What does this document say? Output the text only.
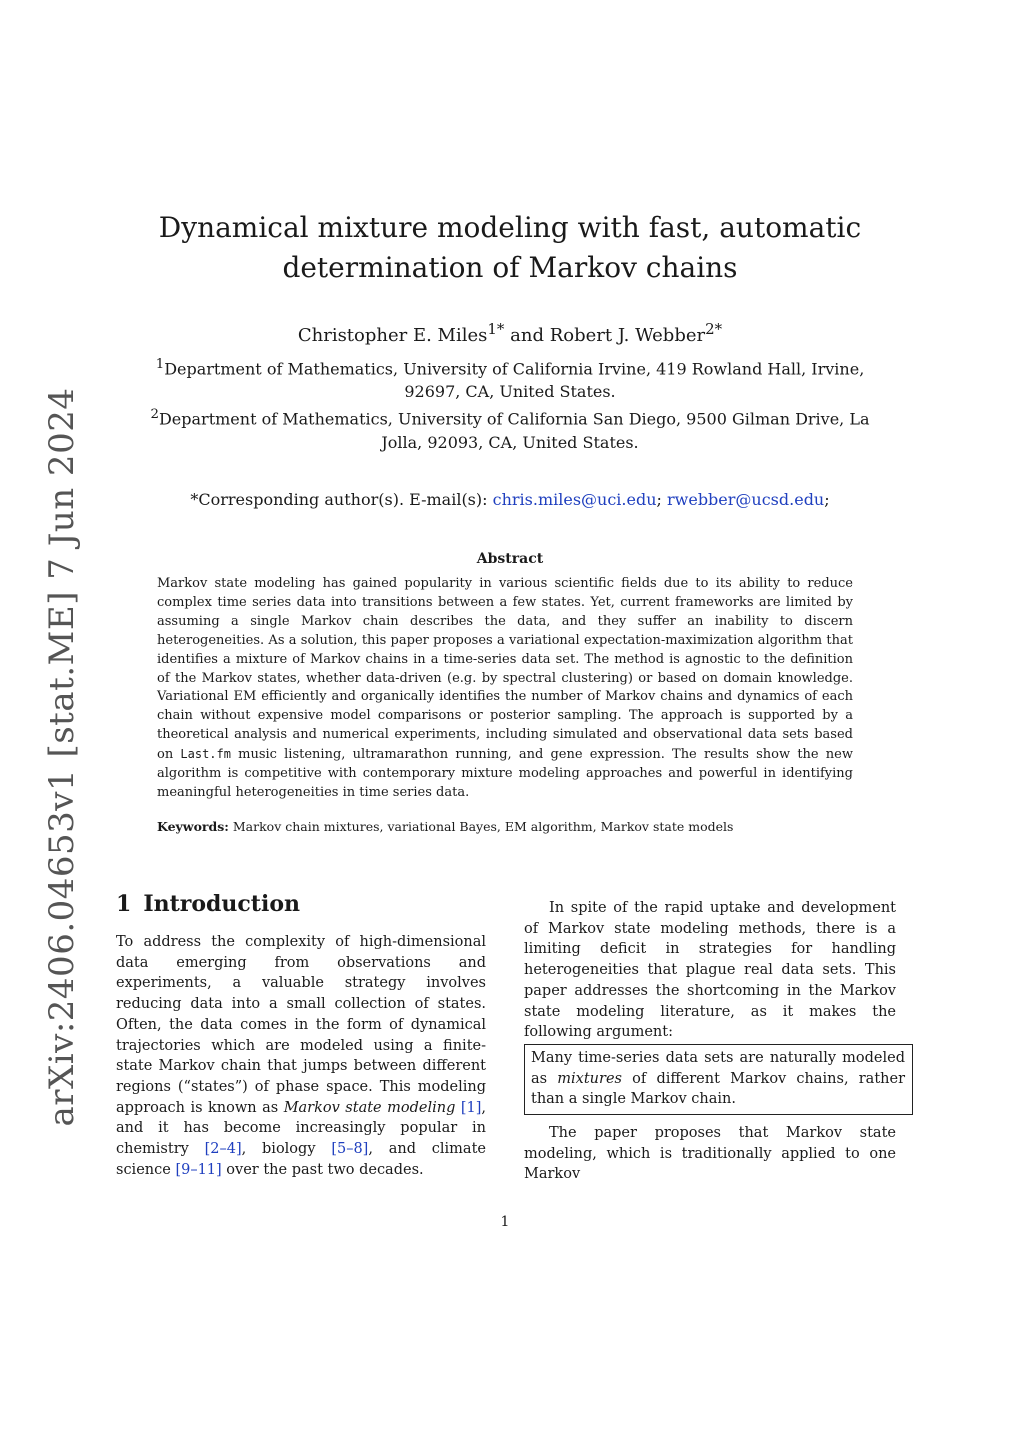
arXiv:2406.04653v1 [stat.ME] 7 Jun 2024
Dynamical mixture modeling with fast, automatic
determination of Markov chains
Christopher E. Miles$^{1*}$ and Robert J. Webber$^{2*}$
$^1$Department of Mathematics, University of California Irvine, 419 Rowland Hall, Irvine,
92697, CA, United States.
$^2$Department of Mathematics, University of California San Diego, 9500 Gilman Drive, La
Jolla, 92093, CA, United States.
*Corresponding author(s). E-mail(s): chris.miles@uci.edu; rwebber@ucsd.edu;
Abstract

Markov state modeling has gained popularity in various scientific fields due to its ability to reduce complex time series data into transitions between a few states. Yet, current frameworks are limited by assuming a single Markov chain describes the data, and they suffer an inability to discern heterogeneities. As a solution, this paper proposes a variational expectation-maximization algorithm that identifies a mixture of Markov chains in a time-series data set. The method is agnostic to the definition of the Markov states, whether data-driven (e.g. by spectral clustering) or based on domain knowledge. Variational EM efficiently and organically identifies the number of Markov chains and dynamics of each chain without expensive model comparisons or posterior sampling. The approach is supported by a theoretical analysis and numerical experiments, including simulated and observational data sets based on Last.fm music listening, ultramarathon running, and gene expression. The results show the new algorithm is competitive with contemporary mixture modeling approaches and powerful in identifying meaningful heterogeneities in time series data.

Keywords: Markov chain mixtures, variational Bayes, EM algorithm, Markov state models
1 Introduction

To address the complexity of high-dimensional data emerging from observations and experiments, a valuable strategy involves reducing data into a small collection of states. Often, the data comes in the form of dynamical trajectories which are modeled using a finite-state Markov chain that jumps between different regions (“states”) of phase space. This modeling approach is known as Markov state modeling [1], and it has become increasingly popular in chemistry [2–4], biology [5–8], and climate science [9–11] over the past two decades.

In spite of the rapid uptake and development of Markov state modeling methods, there is a limiting deficit in strategies for handling heterogeneities that plague real data sets. This paper addresses the shortcoming in the Markov state modeling literature, as it makes the following argument:

Many time-series data sets are naturally modeled as mixtures of different Markov chains, rather than a single Markov chain.

The paper proposes that Markov state modeling, which is traditionally applied to one Markov

1
